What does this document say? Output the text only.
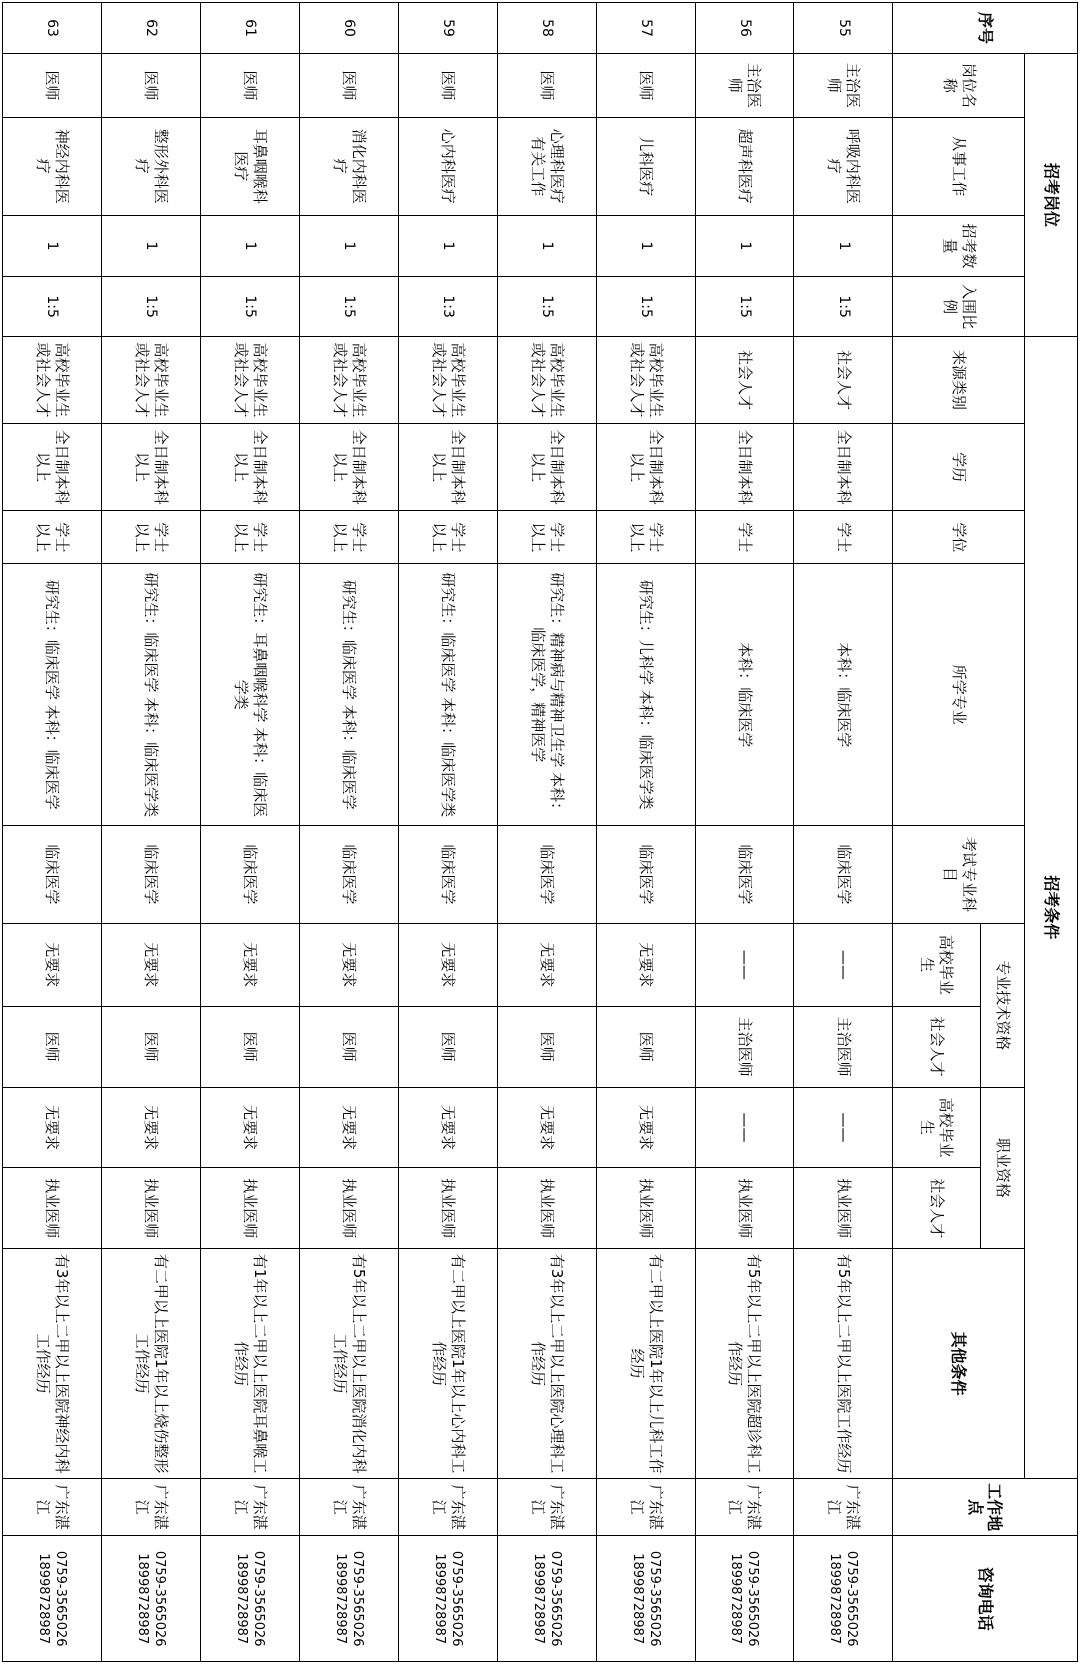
序号	招考岗位				招考条件										工作地点	咨询电话
	岗位名称	从事工作	招考数量	入围比例	来源类别	学历	学位	所学专业	考试专业科目	专业技术资格		职业资格		其他条件		
										高校毕业生	社会人才	高校毕业生	社会人才			
55	主治医师	呼吸内科医疗	1	1:5	社会人才	全日制本科	学士	本科：临床医学	临床医学	——	主治医师	——	执业医师	有5年以上二甲以上医院工作经历	广东湛江	0759-3565026 18998728987
56	主治医师	超声科医疗	1	1:5	社会人才	全日制本科	学士	本科：临床医学	临床医学	——	主治医师	——	执业医师	有5年以上二甲以上医院超诊科工作经历	广东湛江	0759-3565026 18998728987
57	医师	儿科医疗	1	1:5	高校毕业生或社会人才	全日制本科以上	学士以上	研究生：儿科学 本科：临床医学类	临床医学	无要求	医师	无要求	执业医师	有二甲以上医院1年以上儿科工作经历	广东湛江	0759-3565026 18998728987
58	医师	心理科医疗有关工作	1	1:5	高校毕业生或社会人才	全日制本科以上	学士以上	研究生：精神病与精神卫生学 本科：临床医学，精神医学	临床医学	无要求	医师	无要求	执业医师	有3年以上二甲以上医院心理科工作经历	广东湛江	0759-3565026 18998728987
59	医师	心内科医疗	1	1:3	高校毕业生或社会人才	全日制本科以上	学士以上	研究生：临床医学 本科：临床医学类	临床医学	无要求	医师	无要求	执业医师	有二甲以上医院1年以上心内科工作经历	广东湛江	0759-3565026 18998728987
60	医师	消化内科医疗	1	1:5	高校毕业生或社会人才	全日制本科以上	学士以上	研究生：临床医学 本科：临床医学	临床医学	无要求	医师	无要求	执业医师	有5年以上二甲以上医院消化内科工作经历	广东湛江	0759-3565026 18998728987
61	医师	耳鼻咽喉科医疗	1	1:5	高校毕业生或社会人才	全日制本科以上	学士以上	研究生：耳鼻咽喉科学 本科：临床医学类	临床医学	无要求	医师	无要求	执业医师	有1年以上二甲以上医院耳鼻喉工作经历	广东湛江	0759-3565026 18998728987
62	医师	整形外科医疗	1	1:5	高校毕业生或社会人才	全日制本科以上	学士以上	研究生：临床医学 本科：临床医学类	临床医学	无要求	医师	无要求	执业医师	有二甲以上医院1年以上烧伤整形工作经历	广东湛江	0759-3565026 18998728987
63	医师	神经内科医疗	1	1:5	高校毕业生或社会人才	全日制本科以上	学士以上	研究生：临床医学 本科：临床医学	临床医学	无要求	医师	无要求	执业医师	有3年以上二甲以上医院神经内科工作经历	广东湛江	0759-3565026 18998728987
